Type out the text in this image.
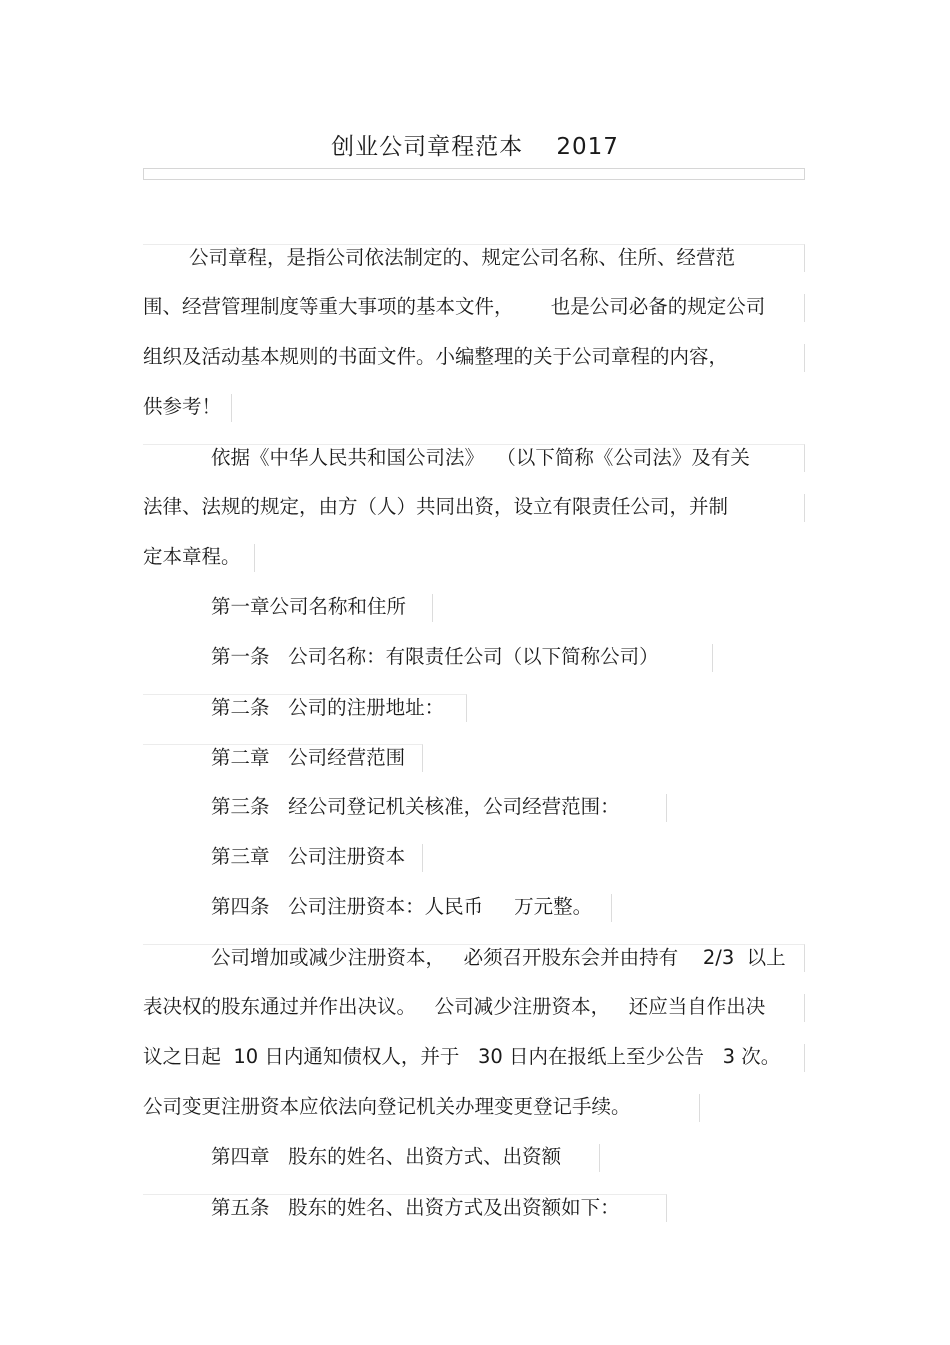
创业公司章程范本    2017
公司章程，是指公司依法制定的、规定公司名称、住所、经营范
围、经营管理制度等重大事项的基本文件，      也是公司必备的规定公司
组织及活动基本规则的书面文件。小编整理的关于公司章程的内容，
供参考！
依据《中华人民共和国公司法》  （以下简称《公司法》及有关
法律、法规的规定，由方（人）共同出资，设立有限责任公司，并制
定本章程。
第一章公司名称和住所
第一条   公司名称：有限责任公司（以下简称公司）
第二条   公司的注册地址：
第二章   公司经营范围
第三条   经公司登记机关核准，公司经营范围：
第三章   公司注册资本
第四条   公司注册资本：人民币     万元整。
公司增加或减少注册资本，   必须召开股东会并由持有    2/3  以上
表决权的股东通过并作出决议。   公司减少注册资本，   还应当自作出决
议之日起  10 日内通知债权人，并于   30 日内在报纸上至少公告   3 次。
公司变更注册资本应依法向登记机关办理变更登记手续。
第四章   股东的姓名、出资方式、出资额
第五条   股东的姓名、出资方式及出资额如下：
